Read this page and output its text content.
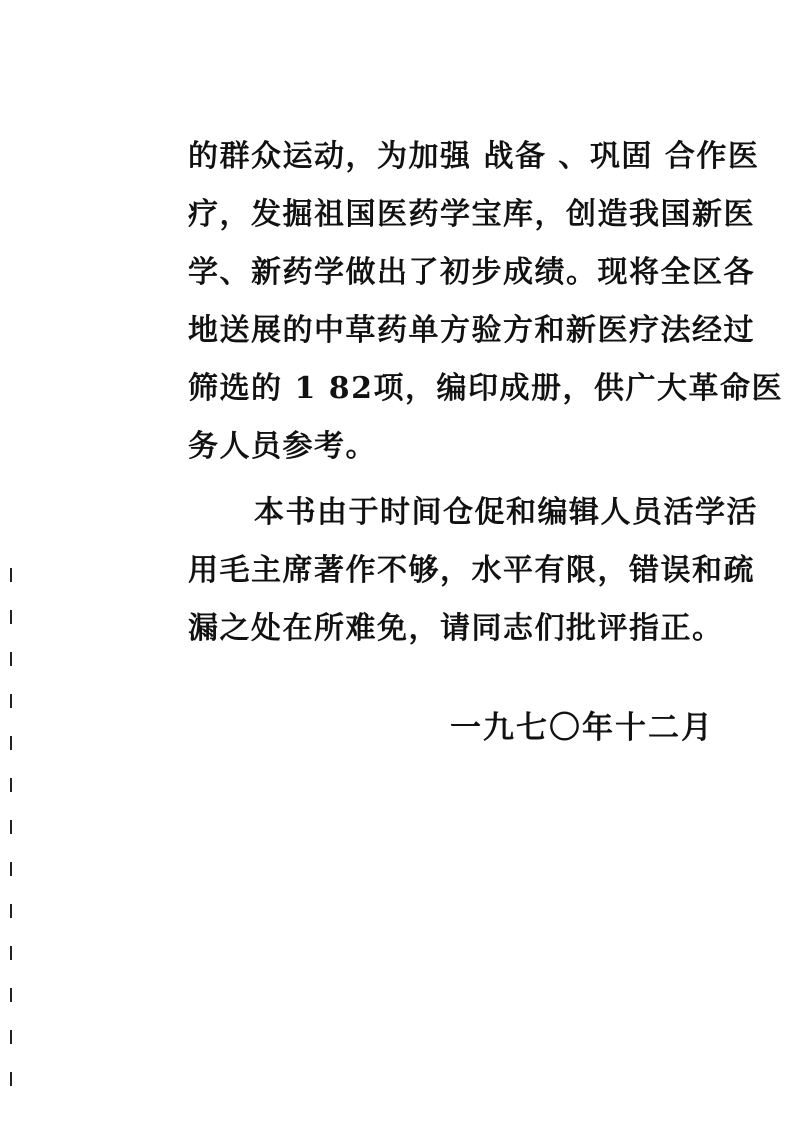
的群众运动，为加强 战备 、巩固 合作医
疗，发掘祖国医药学宝库，创造我国新医
学、新药学做出了初步成绩。现将全区各
地送展的中草药单方验方和新医疗法经过
筛选的 1 82项，编印成册，供广大革命医
务人员参考。
本书由于时间仓促和编辑人员活学活
用毛主席著作不够，水平有限，错误和疏
漏之处在所难免，请同志们批评指正。
一九七〇年十二月
